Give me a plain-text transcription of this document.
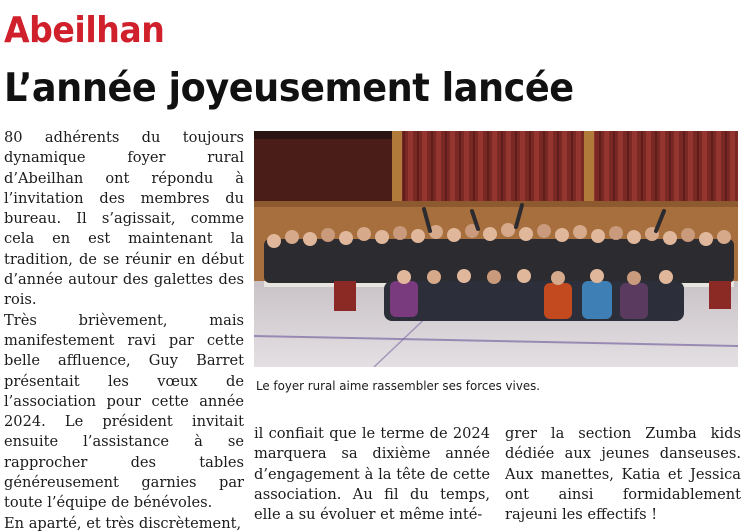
Abeilhan
L’année joyeusement lancée

80 adhérents du toujours dynamique foyer rural d’Abeilhan ont répondu à l’invitation des membres du bureau. Il s’agissait, comme cela en est maintenant la tradition, de se réunir en début d’année autour des galettes des rois.

Très brièvement, mais manifestement ravi par cette belle affluence, Guy Barret présentait les vœux de l’association pour cette année 2024. Le président invitait ensuite l’assistance à se rapprocher des tables généreusement garnies par toute l’équipe de bénévoles.

En aparté, et très discrètement,

Le foyer rural aime rassembler ses forces vives.

il confiait que le terme de 2024 marquera sa dixième année d’engagement à la tête de cette association. Au fil du temps, elle a su évoluer et même inté-

grer la section Zumba kids dédiée aux jeunes danseuses. Aux manettes, Katia et Jessica ont ainsi formidablement rajeuni les effectifs !
